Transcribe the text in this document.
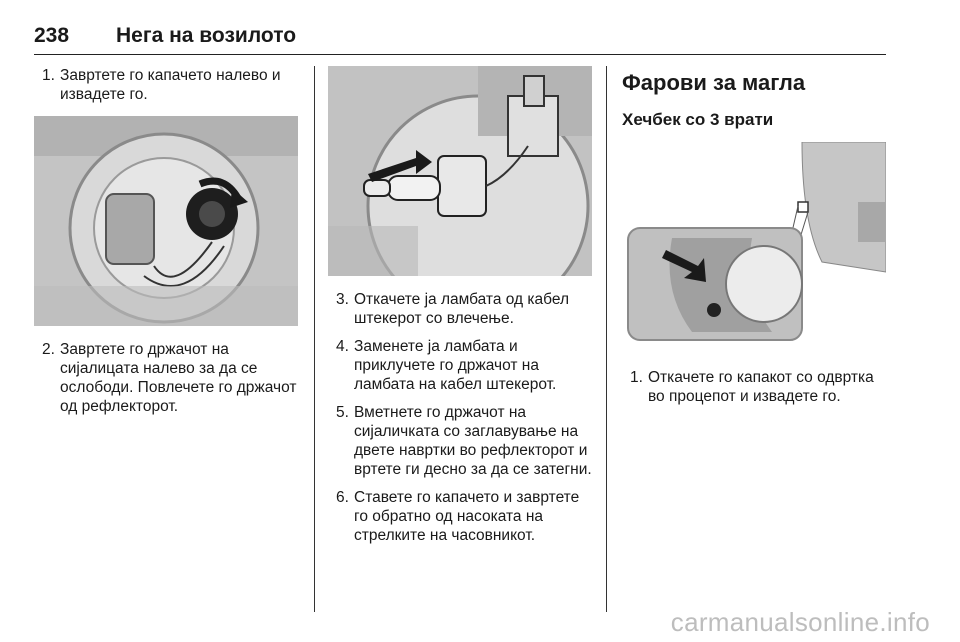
238 Нега на возилото
1. Завртете го капачето налево и извадете го.
2. Завртете го држачот на сијалицата налево за да се ослободи. Повлечете го држачот од рефлекторот.
3. Откачете ја ламбата од кабел штекерот со влечење.
4. Заменете ја ламбата и приклучете го држачот на ламбата на кабел штекерот.
5. Вметнете го држачот на сијаличката со заглавување на двете навртки во рефлекторот и вртете ги десно за да се затегни.
6. Ставете го капачето и завртете го обратно од насоката на стрелките на часовникот.
Фарови за магла
Хечбек со 3 врати
1. Откачете го капакот со одвртка во процепот и извадете го.
carmanualsonline.info
